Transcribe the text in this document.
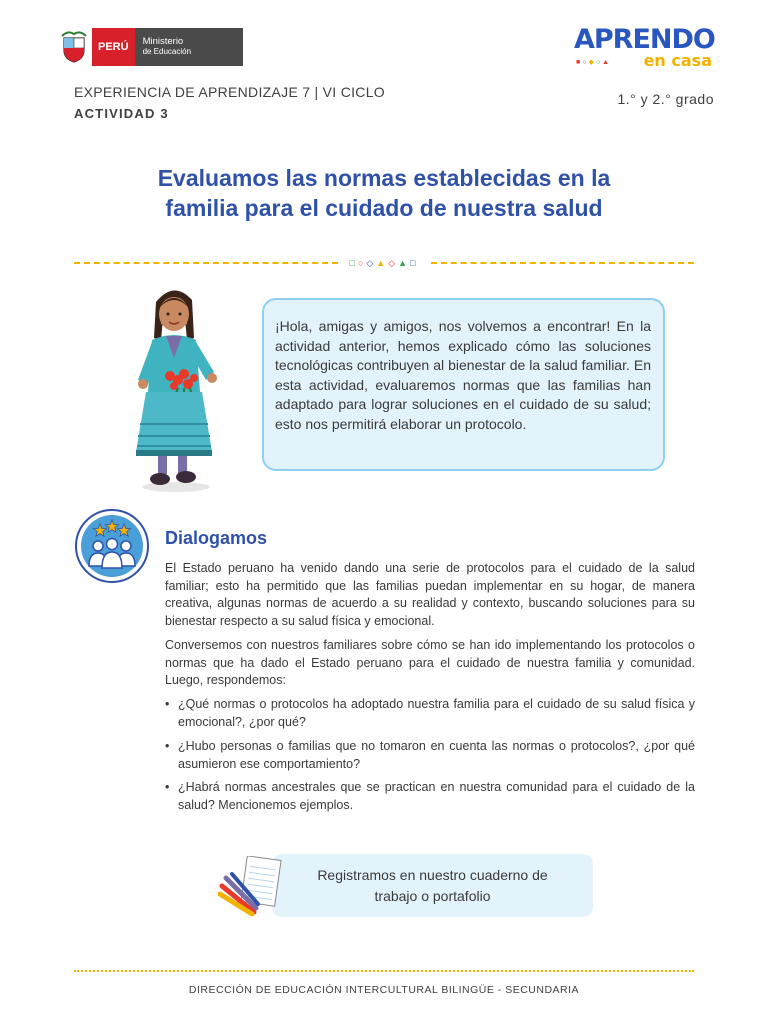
PERÚ	Ministerio
de Educación	APRENDO
■○◆○▲ en casa
EXPERIENCIA DE APRENDIZAJE 7 | VI CICLO
ACTIVIDAD 3
1.° y 2.° grado
Evaluamos las normas establecidas en la
familia para el cuidado de nuestra salud
□○◇▲◇▲□
¡Hola, amigas y amigos, nos volvemos a encontrar! En la actividad anterior, hemos explicado cómo las soluciones tecnológicas contribuyen al bienestar de la salud familiar. En esta actividad, evaluaremos normas que las familias han adaptado para lograr soluciones en el cuidado de su salud; esto nos permitirá elaborar un protocolo.
Dialogamos

El Estado peruano ha venido dando una serie de protocolos para el cuidado de la salud familiar; esto ha permitido que las familias puedan implementar en su hogar, de manera creativa, algunas normas de acuerdo a su realidad y contexto, buscando soluciones para su bienestar respecto a su salud física y emocional.

Conversemos con nuestros familiares sobre cómo se han ido implementando los protocolos o normas que ha dado el Estado peruano para el cuidado de nuestra familia y comunidad. Luego, respondemos:

• ¿Qué normas o protocolos ha adoptado nuestra familia para el cuidado de su salud física y emocional?, ¿por qué?

• ¿Hubo personas o familias que no tomaron en cuenta las normas o protocolos?, ¿por qué asumieron ese comportamiento?

• ¿Habrá normas ancestrales que se practican en nuestra comunidad para el cuidado de la salud? Mencionemos ejemplos.

Registramos en nuestro cuaderno de
trabajo o portafolio
DIRECCIÓN DE EDUCACIÓN INTERCULTURAL BILINGÜE - SECUNDARIA
